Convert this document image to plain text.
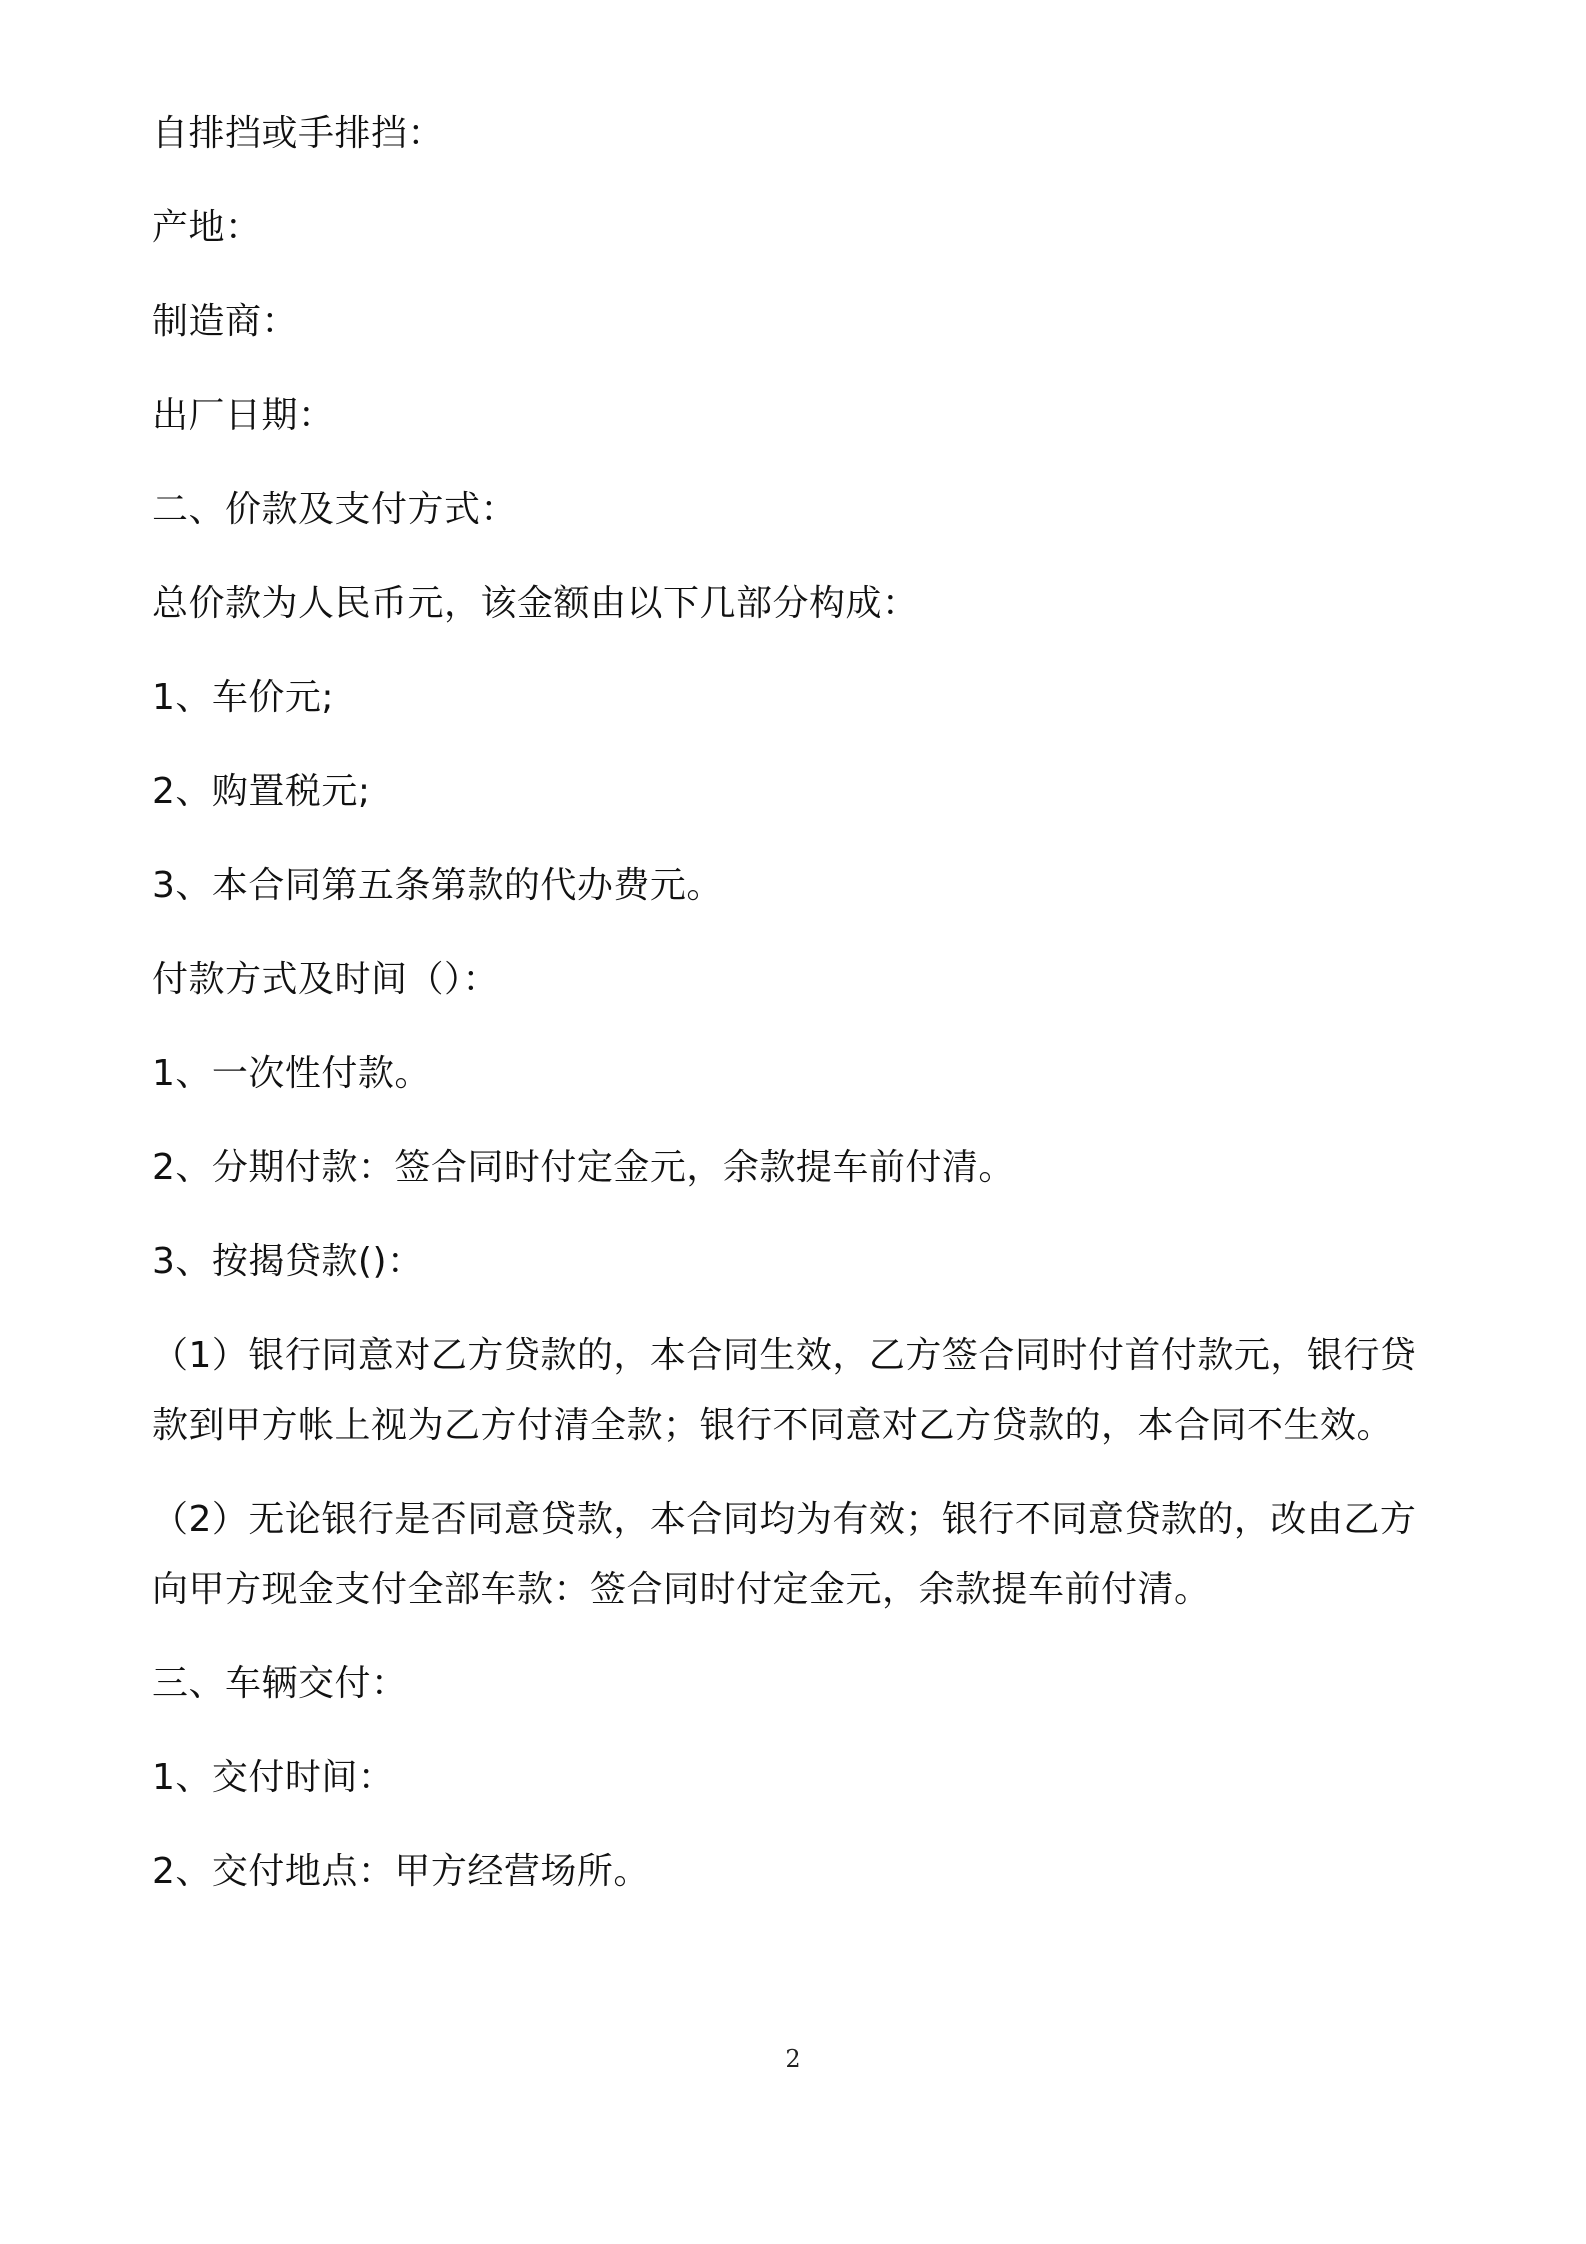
自排挡或手排挡：
产地：
制造商：
出厂日期：
二、价款及支付方式：
总价款为人民币元，该金额由以下几部分构成：
1、车价元;
2、购置税元;
3、本合同第五条第款的代办费元。
付款方式及时间（）：
1、一次性付款。
2、分期付款：签合同时付定金元，余款提车前付清。
3、按揭贷款()：
（1）银行同意对乙方贷款的，本合同生效，乙方签合同时付首付款元，银行贷
款到甲方帐上视为乙方付清全款；银行不同意对乙方贷款的，本合同不生效。
（2）无论银行是否同意贷款，本合同均为有效；银行不同意贷款的，改由乙方
向甲方现金支付全部车款：签合同时付定金元，余款提车前付清。
三、车辆交付：
1、交付时间：
2、交付地点：甲方经营场所。
2
